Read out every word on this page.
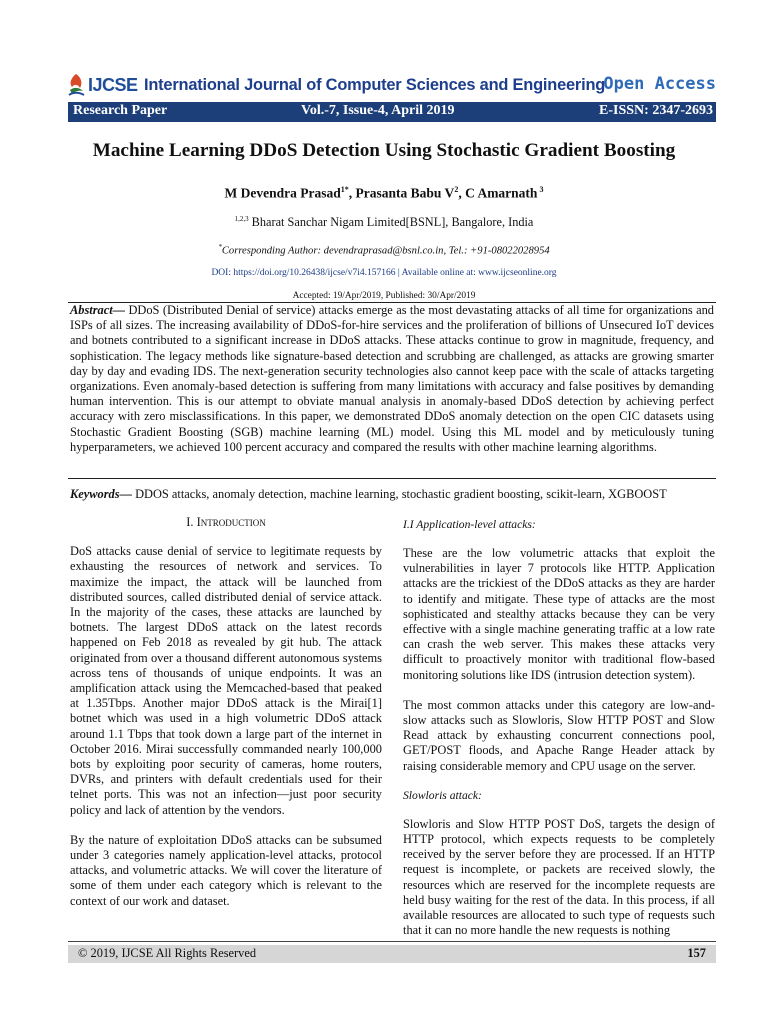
IJCSE International Journal of Computer Sciences and Engineering
Open Access
Research Paper	Vol.-7, Issue-4, April 2019	E-ISSN: 2347-2693
Machine Learning DDoS Detection Using Stochastic Gradient Boosting
M Devendra Prasad$^{1*}$, Prasanta Babu $V^2$, C Amarnath $^3$
$^{1,2,3}$ Bharat Sanchar Nigam Limited[BSNL], Bangalore, India
*Corresponding Author: devendraprasad@bsnl.co.in, Tel.: +91-08022028954
DOI: https://doi.org/10.26438/ijcse/v7i4.157166 | Available online at: www.ijcseonline.org
Accepted: 19/Apr/2019, Published: 30/Apr/2019
Abstract— DDoS (Distributed Denial of service) attacks emerge as the most devastating attacks of all time for organizations and ISPs of all sizes. The increasing availability of DDoS-for-hire services and the proliferation of billions of Unsecured IoT devices and botnets contributed to a significant increase in DDoS attacks. These attacks continue to grow in magnitude, frequency, and sophistication. The legacy methods like signature-based detection and scrubbing are challenged, as attacks are growing smarter day by day and evading IDS. The next-generation security technologies also cannot keep pace with the scale of attacks targeting organizations. Even anomaly-based detection is suffering from many limitations with accuracy and false positives by demanding human intervention. This is our attempt to obviate manual analysis in anomaly-based DDoS detection by achieving perfect accuracy with zero misclassifications. In this paper, we demonstrated DDoS anomaly detection on the open CIC datasets using Stochastic Gradient Boosting (SGB) machine learning (ML) model. Using this ML model and by meticulously tuning hyperparameters, we achieved 100 percent accuracy and compared the results with other machine learning algorithms.
Keywords— DDOS attacks, anomaly detection, machine learning, stochastic gradient boosting, scikit-learn, XGBOOST
I. Introduction

DoS attacks cause denial of service to legitimate requests by exhausting the resources of network and services. To maximize the impact, the attack will be launched from distributed sources, called distributed denial of service attack. In the majority of the cases, these attacks are launched by botnets. The largest DDoS attack on the latest records happened on Feb 2018 as revealed by git hub. The attack originated from over a thousand different autonomous systems across tens of thousands of unique endpoints. It was an amplification attack using the Memcached-based that peaked at 1.35Tbps. Another major DDoS attack is the Mirai[1] botnet which was used in a high volumetric DDoS attack around 1.1 Tbps that took down a large part of the internet in October 2016. Mirai successfully commanded nearly 100,000 bots by exploiting poor security of cameras, home routers, DVRs, and printers with default credentials used for their telnet ports. This was not an infection—just poor security policy and lack of attention by the vendors.

By the nature of exploitation DDoS attacks can be subsumed under 3 categories namely application-level attacks, protocol attacks, and volumetric attacks. We will cover the literature of some of them under each category which is relevant to the context of our work and dataset.

I.I Application-level attacks:

These are the low volumetric attacks that exploit the vulnerabilities in layer 7 protocols like HTTP. Application attacks are the trickiest of the DDoS attacks as they are harder to identify and mitigate. These type of attacks are the most sophisticated and stealthy attacks because they can be very effective with a single machine generating traffic at a low rate can crash the web server. This makes these attacks very difficult to proactively monitor with traditional flow-based monitoring solutions like IDS (intrusion detection system).

The most common attacks under this category are low-and-slow attacks such as Slowloris, Slow HTTP POST and Slow Read attack by exhausting concurrent connections pool, GET/POST floods, and Apache Range Header attack by raising considerable memory and CPU usage on the server.

Slowloris attack:

Slowloris and Slow HTTP POST DoS, targets the design of HTTP protocol, which expects requests to be completely received by the server before they are processed. If an HTTP request is incomplete, or packets are received slowly, the resources which are reserved for the incomplete requests are held busy waiting for the rest of the data. In this process, if all available resources are allocated to such type of requests such that it can no more handle the new requests is nothing

© 2019, IJCSE All Rights Reserved	157
